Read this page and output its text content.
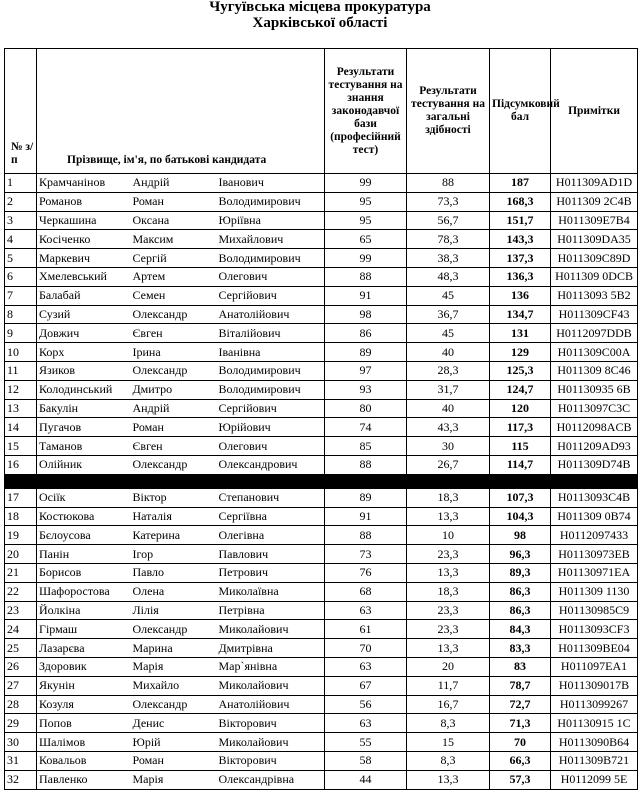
Чугуївська місцева прокуратура
Харківської області
№ з/п	Прізвище, ім'я, по батькові кандидата			Результати тестування на знання законодавчої бази (професійний тест)	Результати тестування на загальні здібності	Підсумковий бал	Примітки
1	Крамчанінов	Андрій	Іванович	99	88	187	Н011309AD1D
2	Романов	Роман	Володимирович	95	73,3	168,3	Н011309 2C4B
3	Черкашина	Оксана	Юріївна	95	56,7	151,7	Н011309E7B4
4	Косіченко	Максим	Михайлович	65	78,3	143,3	Н011309DA35
5	Маркевич	Сергій	Володимирович	99	38,3	137,3	Н011309C89D
6	Хмелевський	Артем	Олегович	88	48,3	136,3	Н011309 0DCB
7	Балабай	Семен	Сергійович	91	45	136	Н0113093 5B2
8	Сузий	Олександр	Анатолійович	98	36,7	134,7	Н011309CF43
9	Довжич	Євген	Віталійович	86	45	131	Н0112097DDB
10	Корх	Ірина	Іванівна	89	40	129	Н011309C00A
11	Язиков	Олександр	Володимирович	97	28,3	125,3	Н011309 8C46
12	Колодинський	Дмитро	Володимирович	93	31,7	124,7	Н01130935 6B
13	Бакулін	Андрій	Сергійович	80	40	120	Н0113097C3C
14	Пугачов	Роман	Юрійович	74	43,3	117,3	Н0112098ACB
15	Таманов	Євген	Олегович	85	30	115	Н011209AD93
16	Олійник	Олександр	Олександрович	88	26,7	114,7	Н011309D74B

17	Осiїк	Віктор	Степанович	89	18,3	107,3	Н0113093C4B
18	Костюкова	Наталія	Сергіївна	91	13,3	104,3	Н011309 0B74
19	Бєлоусова	Катерина	Олегівна	88	10	98	Н0112097433
20	Панін	Ігор	Павлович	73	23,3	96,3	Н01130973EB
21	Борисов	Павло	Петрович	76	13,3	89,3	Н01130971EA
22	Шафоростова	Олена	Миколаївна	68	18,3	86,3	Н011309 1130
23	Йолкіна	Лілія	Петрівна	63	23,3	86,3	Н01130985C9
24	Гірмаш	Олександр	Миколайович	61	23,3	84,3	Н0113093CF3
25	Лазарєва	Марина	Дмитрівна	70	13,3	83,3	Н011309BE04
26	Здоровик	Марія	Мар`янівна	63	20	83	Н011097EA1
27	Якунін	Михайло	Миколайович	67	11,7	78,7	Н011309017B
28	Козуля	Олександр	Анатолійович	56	16,7	72,7	Н0113099267
29	Попов	Денис	Вікторович	63	8,3	71,3	Н01130915 1C
30	Шалімов	Юрій	Миколайович	55	15	70	Н0113090B64
31	Ковальов	Роман	Вікторович	58	8,3	66,3	Н011309B721
32	Павленко	Марія	Олександрівна	44	13,3	57,3	Н0112099 5E
